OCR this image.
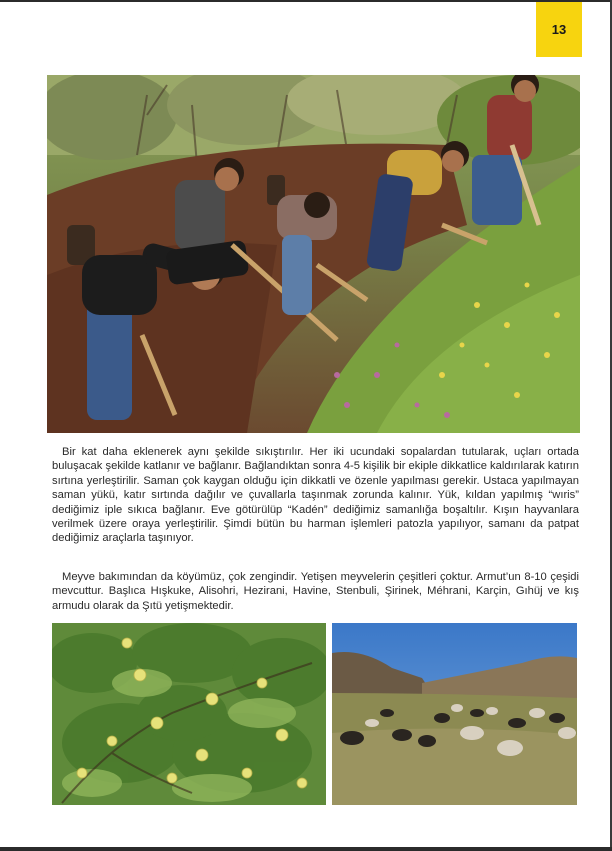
13

Bir kat daha eklenerek aynı şekilde sıkıştırılır. Her iki ucundaki sopalardan tutularak, uçları ortada buluşacak şekilde katlanır ve bağlanır. Bağlandıktan sonra 4-5 kişilik bir ekiple dikkatlice kaldırılarak katırın sırtına yerleştirilir. Saman çok kaygan olduğu için dikkatli ve özenle yapılması gerekir. Ustaca yapılmayan saman yükü, katır sırtında dağılır ve çuvallarla taşınmak zorunda kalınır. Yük, kıldan yapılmış “wıris” dediğimiz iple sıkıca bağlanır. Eve götürülüp “Kadén” dediğimiz samanlığa boşaltılır. Kışın hayvanlara verilmek üzere oraya yerleştirilir. Şimdi bütün bu harman işlemleri patozla yapılıyor, samanı da patpat dediğimiz araçlarla taşınıyor.

Meyve bakımından da köyümüz, çok zengindir. Yetişen meyvelerin çeşitleri çoktur. Armut’un 8-10 çeşidi mevcuttur. Başlıca Hışkuke, Alisohri, Hezirani, Havine, Stenbuli, Şirinek, Méhrani, Karçin, Gıhüj ve kış armudu olarak da Şıtü yetişmektedir.
